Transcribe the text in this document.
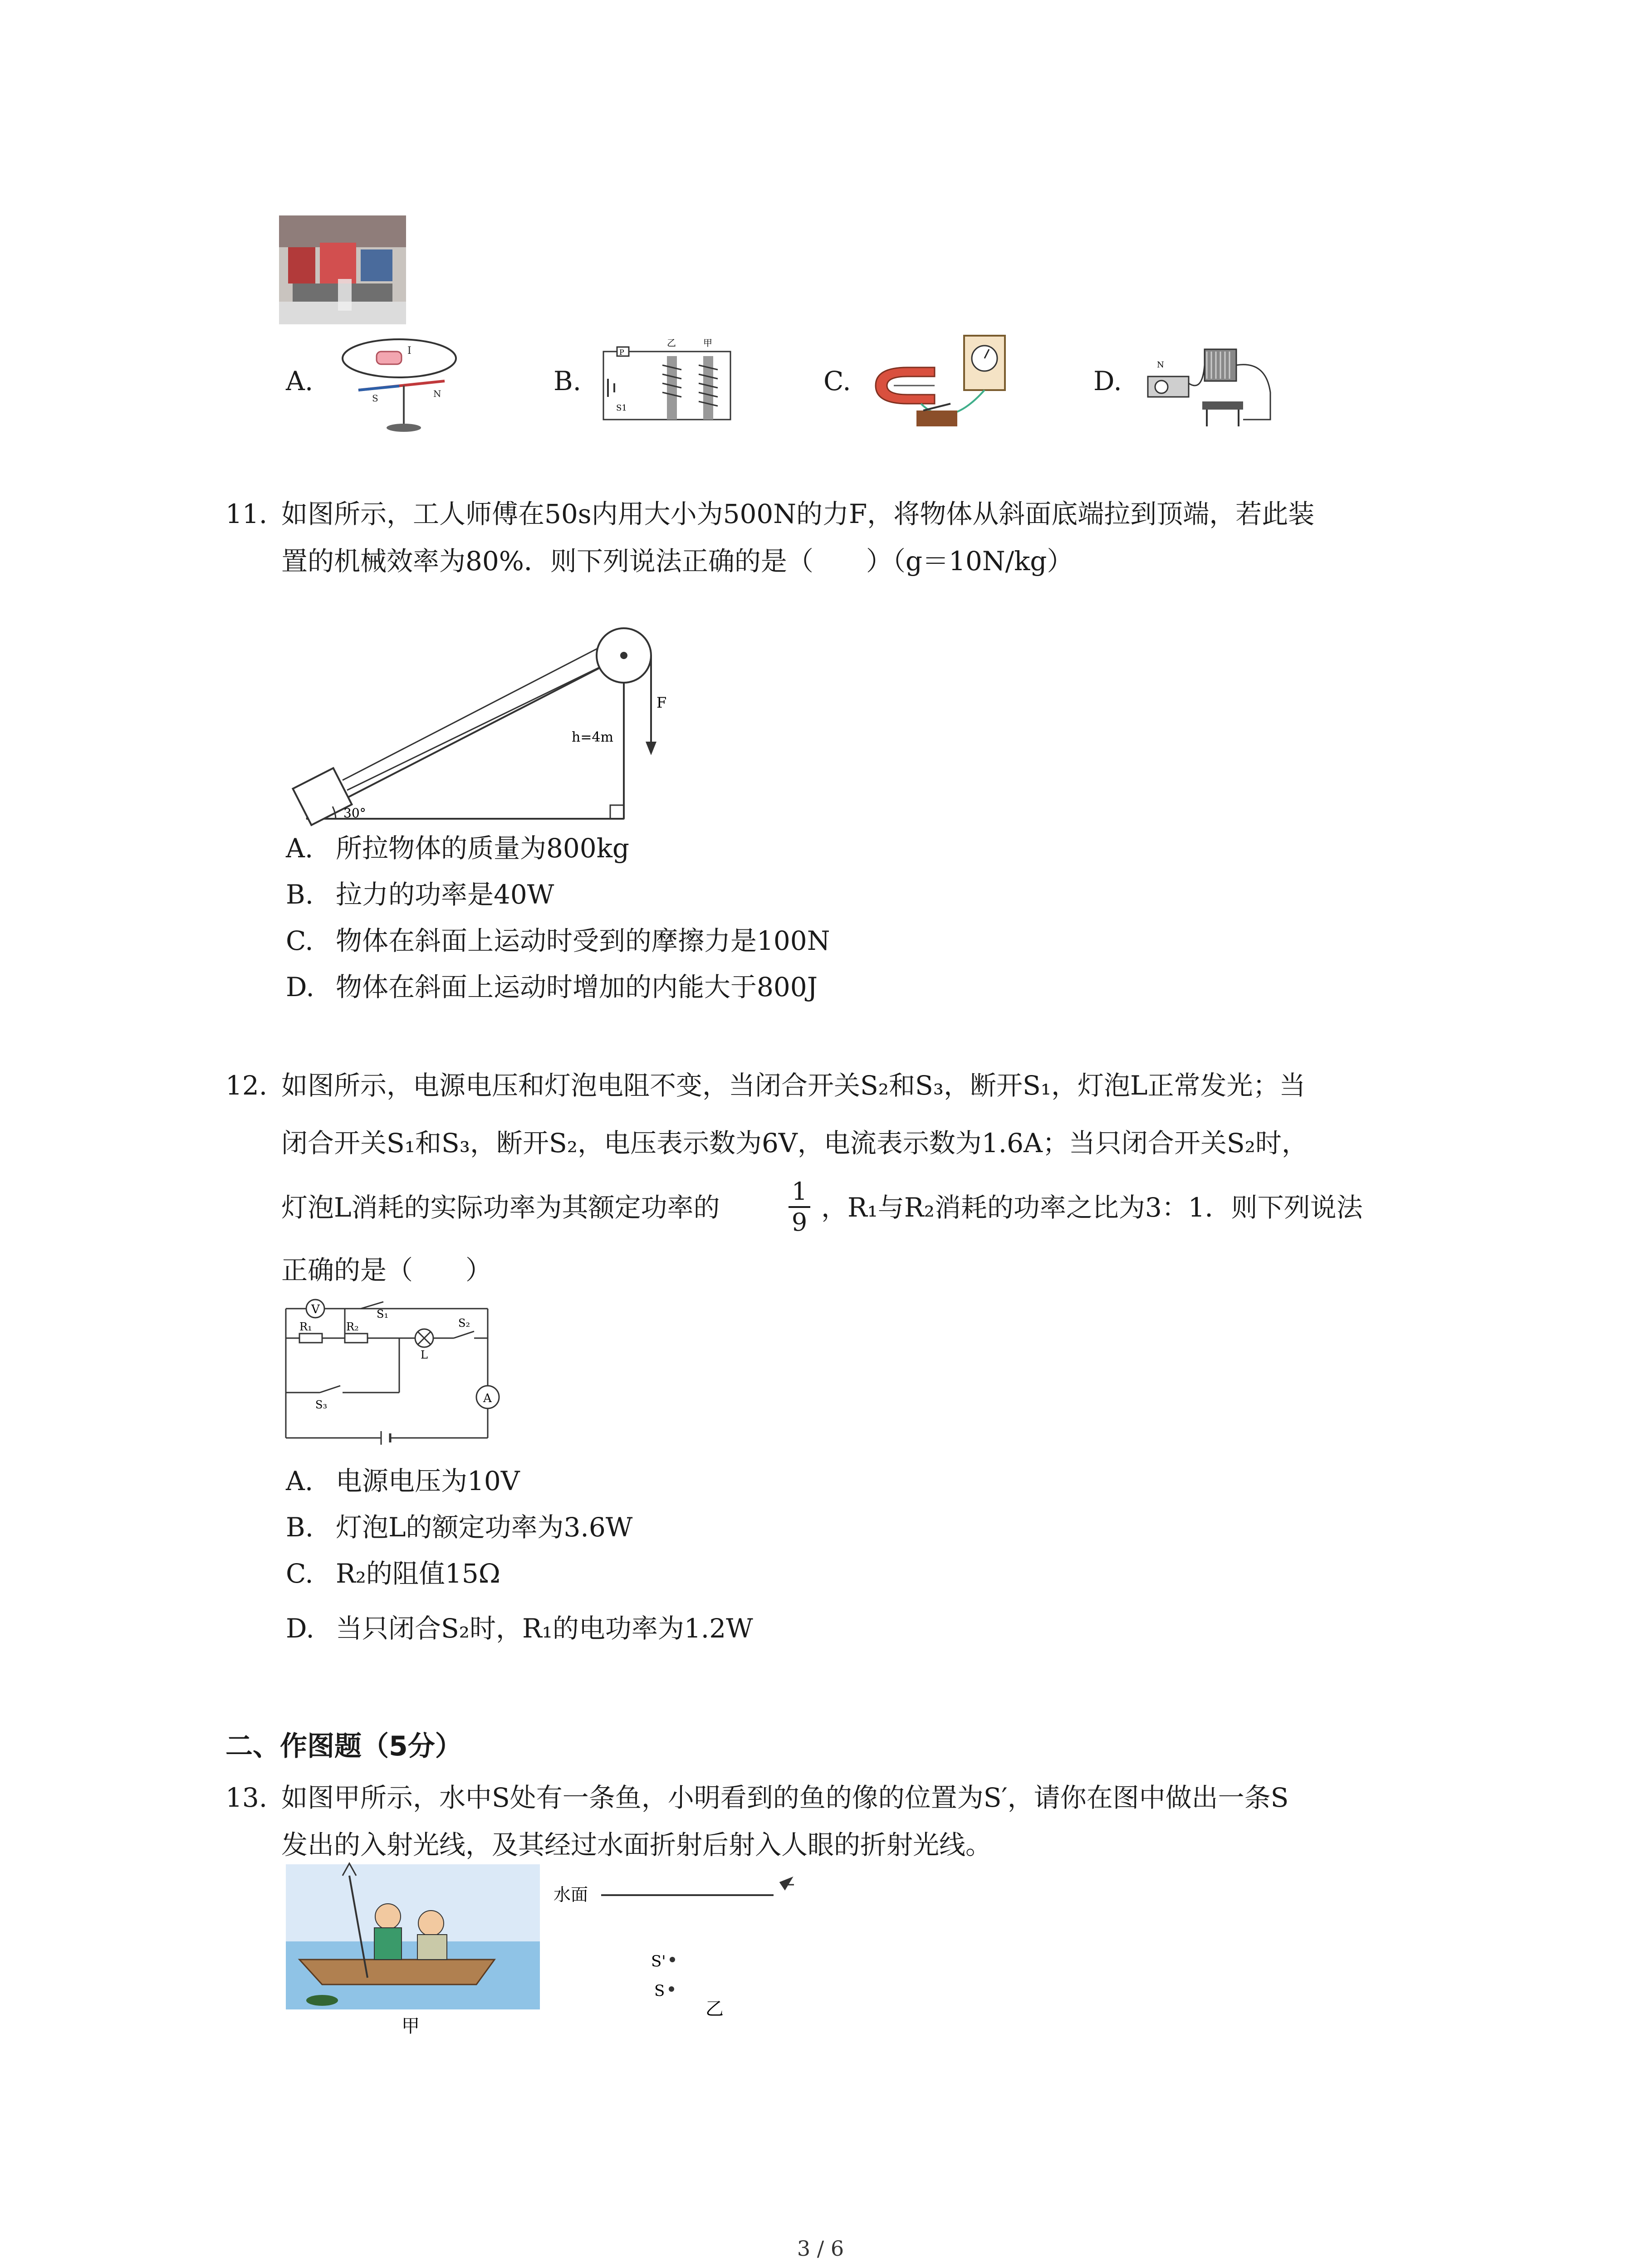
A.
I
S	N	B.
P
S1
乙	甲
C.	D.
N
11. 如图所示，工人师傅在50s内用大小为500N的力F，将物体从斜面底端拉到顶端，若此装
置的机械效率为80%．则下列说法正确的是（　　）（g＝10N/kg）
F
h=4m
30°
A. 所拉物体的质量为800kg
B. 拉力的功率是40W
C. 物体在斜面上运动时受到的摩擦力是100N
D. 物体在斜面上运动时增加的内能大于800J
12. 如图所示，电源电压和灯泡电阻不变，当闭合开关S₂和S₃，断开S₁，灯泡L正常发光；当
闭合开关S₁和S₃，断开S₂，电压表示数为6V，电流表示数为1.6A；当只闭合开关S₂时，
灯泡L消耗的实际功率为其额定功率的
1
9 ，R₁与R₂消耗的功率之比为3：1．则下列说法
正确的是（　　）
V
A
R₁	R₂
S₁
S₂
S₃
L
A. 电源电压为10V
B. 灯泡L的额定功率为3.6W
C. R₂的阻值15Ω
D. 当只闭合S₂时，R₁的电功率为1.2W
二、作图题（5分）
13. 如图甲所示，水中S处有一条鱼，小明看到的鱼的像的位置为S′，请你在图中做出一条S
发出的入射光线，及其经过水面折射后射入人眼的折射光线。
甲
水面
S'
S
乙
3 / 6
